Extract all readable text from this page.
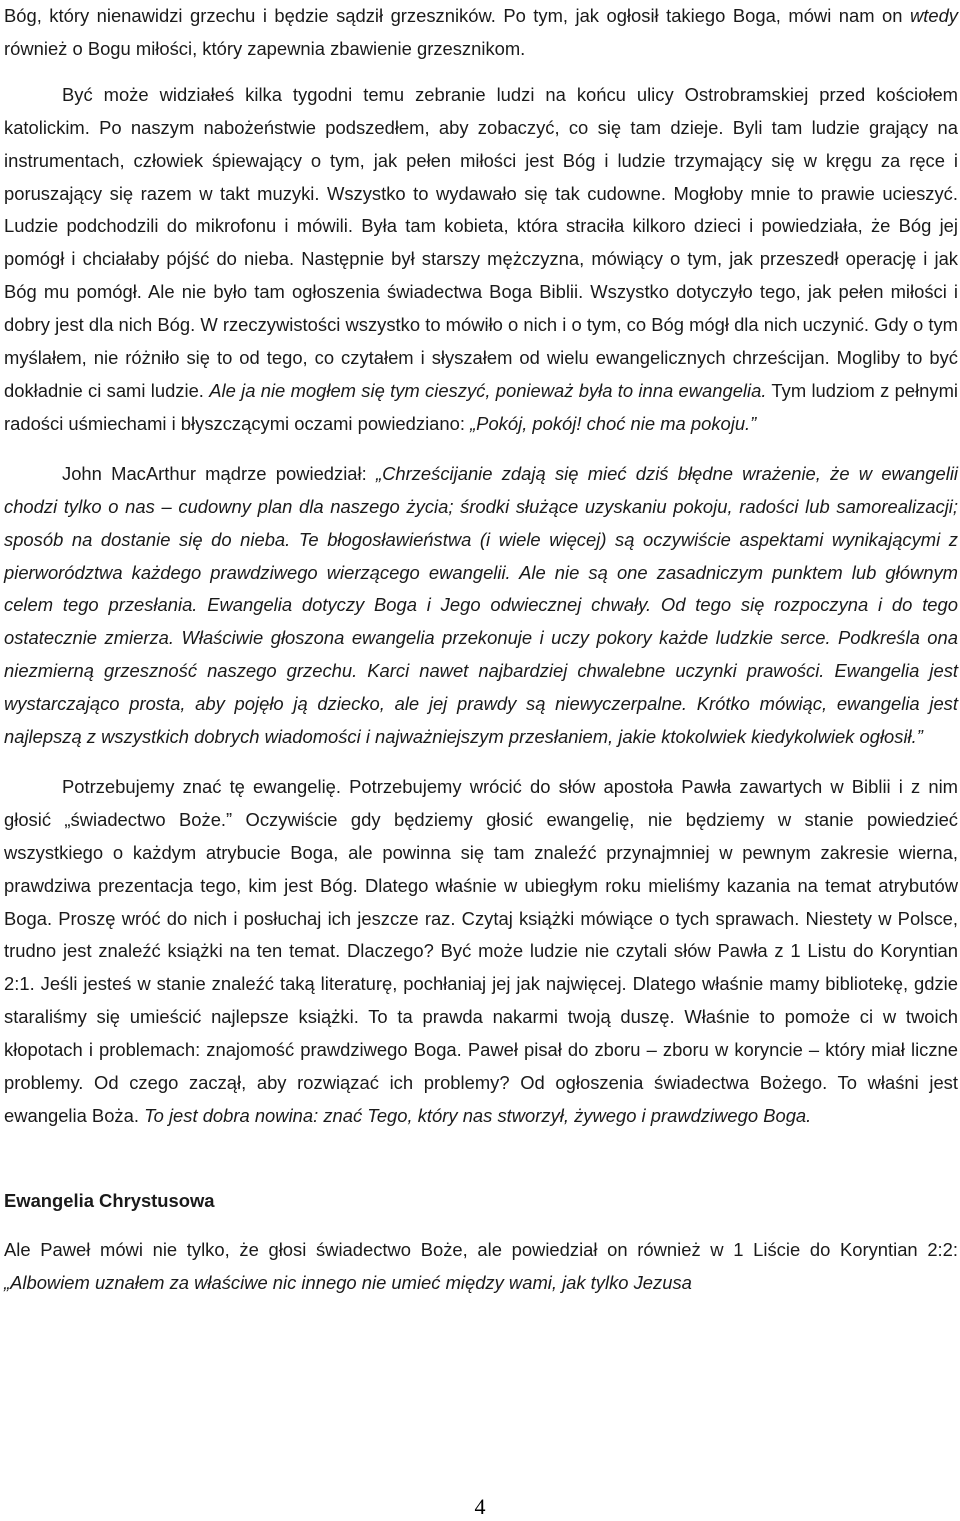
Bóg, który nienawidzi grzechu i będzie sądził grzeszników. Po tym, jak ogłosił takiego Boga, mówi nam on wtedy również o Bogu miłości, który zapewnia zbawienie grzesznikom.

Być może widziałeś kilka tygodni temu zebranie ludzi na końcu ulicy Ostrobramskiej przed kościołem katolickim. Po naszym nabożeństwie podszedłem, aby zobaczyć, co się tam dzieje. Byli tam ludzie grający na instrumentach, człowiek śpiewający o tym, jak pełen miłości jest Bóg i ludzie trzymający się w kręgu za ręce i poruszający się razem w takt muzyki. Wszystko to wydawało się tak cudowne. Mogłoby mnie to prawie ucieszyć. Ludzie podchodzili do mikrofonu i mówili. Była tam kobieta, która straciła kilkoro dzieci i powiedziała, że Bóg jej pomógł i chciałaby pójść do nieba. Następnie był starszy mężczyzna, mówiący o tym, jak przeszedł operację i jak Bóg mu pomógł. Ale nie było tam ogłoszenia świadectwa Boga Biblii. Wszystko dotyczyło tego, jak pełen miłości i dobry jest dla nich Bóg. W rzeczywistości wszystko to mówiło o nich i o tym, co Bóg mógł dla nich uczynić. Gdy o tym myślałem, nie różniło się to od tego, co czytałem i słyszałem od wielu ewangelicznych chrześcijan. Mogliby to być dokładnie ci sami ludzie. Ale ja nie mogłem się tym cieszyć, ponieważ była to inna ewangelia. Tym ludziom z pełnymi radości uśmiechami i błyszczącymi oczami powiedziano: „Pokój, pokój! choć nie ma pokoju.”

John MacArthur mądrze powiedział: „Chrześcijanie zdają się mieć dziś błędne wrażenie, że w ewangelii chodzi tylko o nas – cudowny plan dla naszego życia; środki służące uzyskaniu pokoju, radości lub samorealizacji; sposób na dostanie się do nieba. Te błogosławieństwa (i wiele więcej) są oczywiście aspektami wynikającymi z pierworództwa każdego prawdziwego wierzącego ewangelii. Ale nie są one zasadniczym punktem lub głównym celem tego przesłania. Ewangelia dotyczy Boga i Jego odwiecznej chwały. Od tego się rozpoczyna i do tego ostatecznie zmierza. Właściwie głoszona ewangelia przekonuje i uczy pokory każde ludzkie serce. Podkreśla ona niezmierną grzeszność naszego grzechu. Karci nawet najbardziej chwalebne uczynki prawości. Ewangelia jest wystarczająco prosta, aby pojęło ją dziecko, ale jej prawdy są niewyczerpalne. Krótko mówiąc, ewangelia jest najlepszą z wszystkich dobrych wiadomości i najważniejszym przesłaniem, jakie ktokolwiek kiedykolwiek ogłosił.”

Potrzebujemy znać tę ewangelię. Potrzebujemy wrócić do słów apostoła Pawła zawartych w Biblii i z nim głosić „świadectwo Boże.” Oczywiście gdy będziemy głosić ewangelię, nie będziemy w stanie powiedzieć wszystkiego o każdym atrybucie Boga, ale powinna się tam znaleźć przynajmniej w pewnym zakresie wierna, prawdziwa prezentacja tego, kim jest Bóg. Dlatego właśnie w ubiegłym roku mieliśmy kazania na temat atrybutów Boga. Proszę wróć do nich i posłuchaj ich jeszcze raz. Czytaj książki mówiące o tych sprawach. Niestety w Polsce, trudno jest znaleźć książki na ten temat. Dlaczego? Być może ludzie nie czytali słów Pawła z 1 Listu do Koryntian 2:1. Jeśli jesteś w stanie znaleźć taką literaturę, pochłaniaj jej jak najwięcej. Dlatego właśnie mamy bibliotekę, gdzie staraliśmy się umieścić najlepsze książki. To ta prawda nakarmi twoją duszę. Właśnie to pomoże ci w twoich kłopotach i problemach: znajomość prawdziwego Boga. Paweł pisał do zboru – zboru w koryncie – który miał liczne problemy. Od czego zaczął, aby rozwiązać ich problemy? Od ogłoszenia świadectwa Bożego. To właśni jest ewangelia Boża. To jest dobra nowina: znać Tego, który nas stworzył, żywego i prawdziwego Boga.

Ewangelia Chrystusowa

Ale Paweł mówi nie tylko, że głosi świadectwo Boże, ale powiedział on również w 1 Liście do Koryntian 2:2: „Albowiem uznałem za właściwe nic innego nie umieć między wami, jak tylko Jezusa

4
